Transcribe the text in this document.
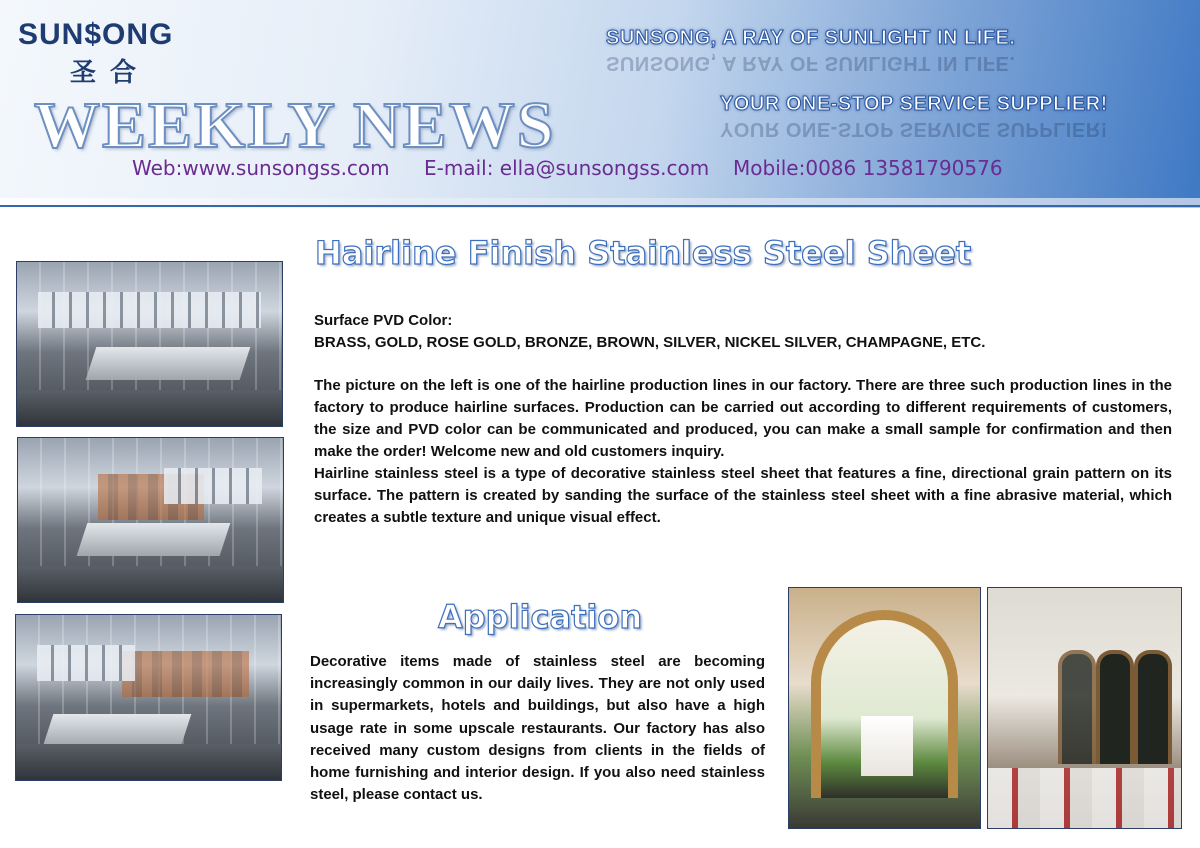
SUN$ONG
圣合
WEEKLY NEWS
SUNSONG, A RAY OF SUNLIGHT IN LIFE.
SUNSONG, A RAY OF SUNLIGHT IN LIFE.
YOUR ONE-STOP SERVICE SUPPLIER!
YOUR ONE-STOP SERVICE SUPPLIER!
Web:www.sunsongss.com E-mail: ella@sunsongss.com Mobile:0086 13581790576
Hairline Finish Stainless Steel Sheet

Surface PVD Color:

BRASS, GOLD, ROSE GOLD, BRONZE, BROWN, SILVER, NICKEL SILVER, CHAMPAGNE, ETC.

The picture on the left is one of the hairline production lines in our factory. There are three such production lines in the factory to produce hairline surfaces. Production can be carried out according to different requirements of customers, the size and PVD color can be communicated and produced, you can make a small sample for confirmation and then make the order! Welcome new and old customers inquiry.

Hairline stainless steel is a type of decorative stainless steel sheet that features a fine, directional grain pattern on its surface. The pattern is created by sanding the surface of the stainless steel sheet with a fine abrasive material, which creates a subtle texture and unique visual effect.

Application
Decorative items made of stainless steel are becoming increasingly common in our daily lives. They are not only used in supermarkets, hotels and buildings, but also have a high usage rate in some upscale restaurants. Our factory has also received many custom designs from clients in the fields of home furnishing and interior design. If you also need stainless steel, please contact us.
